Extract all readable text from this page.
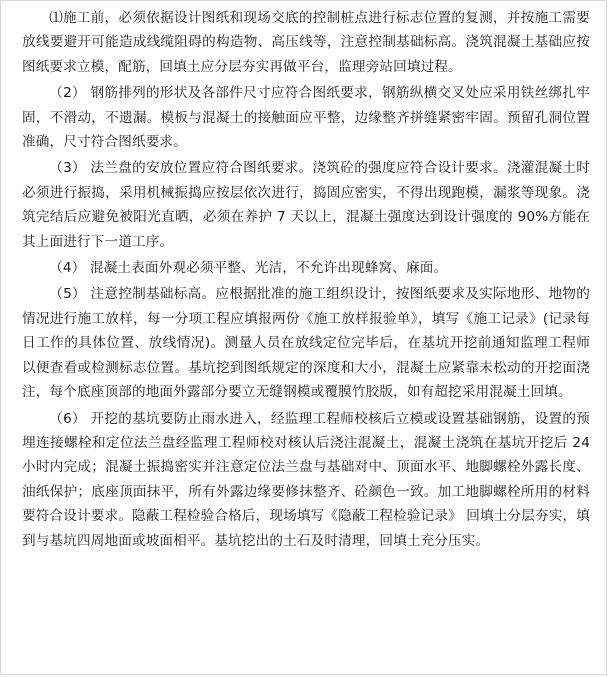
⑴施工前，必须依据设计图纸和现场交底的控制桩点进行标志位置的复测，并按施工需要放线要避开可能造成线缆阻碍的构造物、高压线等，注意控制基础标高。浇筑混凝土基础应按图纸要求立模，配筋，回填土应分层夯实再做平台，监理旁站回填过程。

（2） 钢筋排列的形状及各部件尺寸应符合图纸要求，钢筋纵横交叉处应采用铁丝绑扎牢固，不滑动，不遗漏。模板与混凝土的接触面应平整，边缘整齐拼缝紧密牢固。预留孔洞位置准确，尺寸符合图纸要求。

（3） 法兰盘的安放位置应符合图纸要求。浇筑砼的强度应符合设计要求。浇灌混凝土时必须进行振捣，采用机械振捣应按层依次进行，捣固应密实，不得出现跑模，漏浆等现象。浇筑完结后应避免被阳光直晒，必须在养护 7 天以上，混凝土强度达到设计强度的 90%方能在其上面进行下一道工序。

（4） 混凝土表面外观必须平整、光洁，不允许出现蜂窝、麻面。

（5） 注意控制基础标高。应根据批准的施工组织设计，按图纸要求及实际地形、地物的情况进行施工放样，每一分项工程应填报两份《施工放样报验单》，填写《施工记录》(记录每日工作的具体位置、放线情况)。测量人员在放线定位完毕后，在基坑开挖前通知监理工程师以便查看或检测标志位置。基坑挖到图纸规定的深度和大小，混凝土应紧靠未松动的开挖面浇注，每个底座顶部的地面外露部分要立无缝钢模或覆膜竹胶版，如有超挖采用混凝土回填。

（6） 开挖的基坑要防止雨水进入，经监理工程师校核后立模或设置基础钢筋，设置的预埋连接螺栓和定位法兰盘经监理工程师校对核认后浇注混凝土，混凝土浇筑在基坑开挖后 24 小时内完成；混凝土振捣密实并注意定位法兰盘与基础对中、顶面水平、地脚螺栓外露长度、油纸保护；底座顶面抹平，所有外露边缘要修抹整齐、砼颜色一致。加工地脚螺栓所用的材料要符合设计要求。隐蔽工程检验合格后，现场填写《隐蔽工程检验记录》 回填土分层夯实，填到与基坑四周地面或坡面相平。基坑挖出的土石及时清理，回填土充分压实。
